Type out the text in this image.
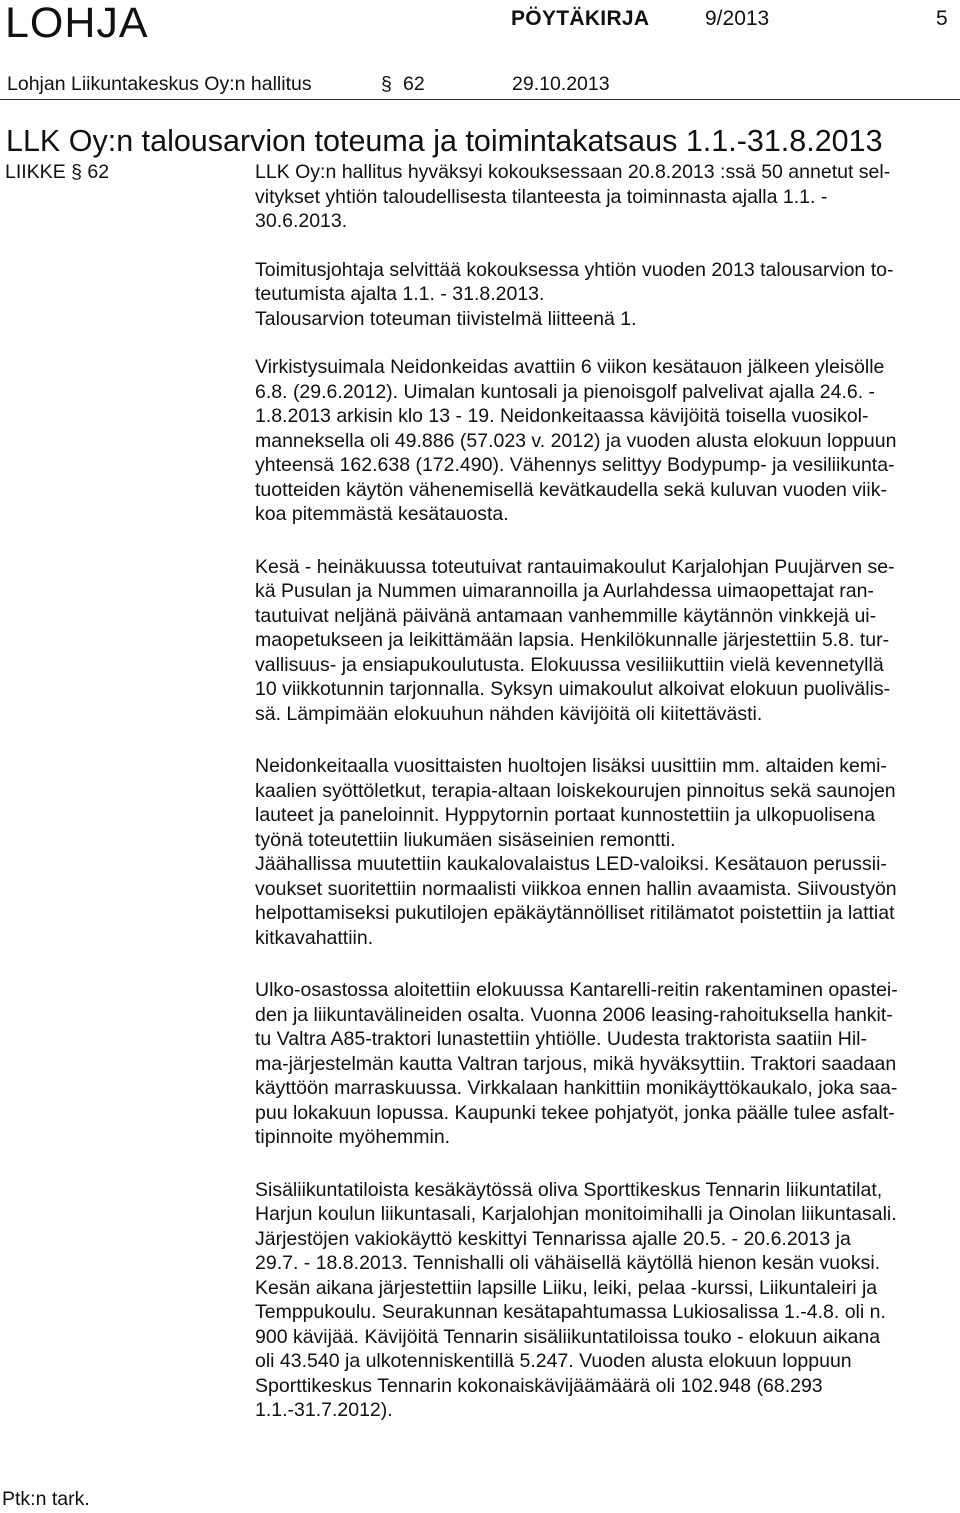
LOHJA	PÖYTÄKIRJA	9/2013	5
Lohjan Liikuntakeskus Oy:n hallitus	§ 62	29.10.2013
LLK Oy:n talousarvion toteuma ja toimintakatsaus 1.1.-31.8.2013
LIIKKE § 62	LLK Oy:n hallitus hyväksyi kokouksessaan 20.8.2013 :ssä 50 annetut sel-
vitykset yhtiön taloudellisesta tilanteesta ja toiminnasta ajalla 1.1. -
30.6.2013.

Toimitusjohtaja selvittää kokouksessa yhtiön vuoden 2013 talousarvion to-
teutumista ajalta 1.1. - 31.8.2013.
Talousarvion toteuman tiivistelmä liitteenä 1.

Virkistysuimala Neidonkeidas avattiin 6 viikon kesätauon jälkeen yleisölle
6.8. (29.6.2012). Uimalan kuntosali ja pienoisgolf palvelivat ajalla 24.6. -
1.8.2013 arkisin klo 13 - 19. Neidonkeitaassa kävijöitä toisella vuosikol-
manneksella oli 49.886 (57.023 v. 2012) ja vuoden alusta elokuun loppuun
yhteensä 162.638 (172.490). Vähennys selittyy Bodypump- ja vesiliikunta-
tuotteiden käytön vähenemisellä kevätkaudella sekä kuluvan vuoden viik-
koa pitemmästä kesätauosta.

Kesä - heinäkuussa toteutuivat rantauimakoulut Karjalohjan Puujärven se-
kä Pusulan ja Nummen uimarannoilla ja Aurlahdessa uimaopettajat ran-
tautuivat neljänä päivänä antamaan vanhemmille käytännön vinkkejä ui-
maopetukseen ja leikittämään lapsia. Henkilökunnalle järjestettiin 5.8. tur-
vallisuus- ja ensiapukoulutusta. Elokuussa vesiliikuttiin vielä kevennetyllä
10 viikkotunnin tarjonnalla. Syksyn uimakoulut alkoivat elokuun puolivälis-
sä. Lämpimään elokuuhun nähden kävijöitä oli kiitettävästi.

Neidonkeitaalla vuosittaisten huoltojen lisäksi uusittiin mm. altaiden kemi-
kaalien syöttöletkut, terapia-altaan loiskekourujen pinnoitus sekä saunojen
lauteet ja paneloinnit. Hyppytornin portaat kunnostettiin ja ulkopuolisena
työnä toteutettiin liukumäen sisäseinien remontti.
Jäähallissa muutettiin kaukalovalaistus LED-valoiksi. Kesätauon perussii-
voukset suoritettiin normaalisti viikkoa ennen hallin avaamista. Siivoustyön
helpottamiseksi pukutilojen epäkäytännölliset ritilämatot poistettiin ja lattiat
kitkavahattiin.

Ulko-osastossa aloitettiin elokuussa Kantarelli-reitin rakentaminen opastei-
den ja liikuntavälineiden osalta. Vuonna 2006 leasing-rahoituksella hankit-
tu Valtra A85-traktori lunastettiin yhtiölle. Uudesta traktorista saatiin Hil-
ma-järjestelmän kautta Valtran tarjous, mikä hyväksyttiin. Traktori saadaan
käyttöön marraskuussa. Virkkalaan hankittiin monikäyttökaukalo, joka saa-
puu lokakuun lopussa. Kaupunki tekee pohjatyöt, jonka päälle tulee asfalt-
tipinnoite myöhemmin.

Sisäliikuntatiloista kesäkäytössä oliva Sporttikeskus Tennarin liikuntatilat,
Harjun koulun liikuntasali, Karjalohjan monitoimihalli ja Oinolan liikuntasali.
Järjestöjen vakiokäyttö keskittyi Tennarissa ajalle 20.5. - 20.6.2013 ja
29.7. - 18.8.2013. Tennishalli oli vähäisellä käytöllä hienon kesän vuoksi.
Kesän aikana järjestettiin lapsille Liiku, leiki, pelaa -kurssi, Liikuntaleiri ja
Temppukoulu. Seurakunnan kesätapahtumassa Lukiosalissa 1.-4.8. oli n.
900 kävijää. Kävijöitä Tennarin sisäliikuntatiloissa touko - elokuun aikana
oli 43.540 ja ulkotenniskentillä 5.247. Vuoden alusta elokuun loppuun
Sporttikeskus Tennarin kokonaiskävijäämäärä oli 102.948 (68.293
1.1.-31.7.2012).

Ptk:n tark.
